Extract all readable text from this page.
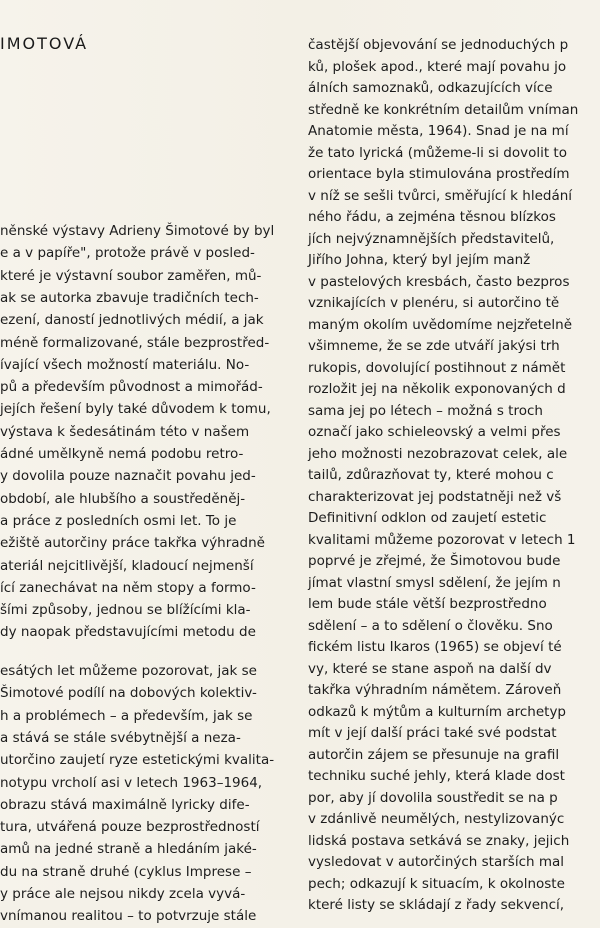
IMOTOVÁ
něnské výstavy Adrieny Šimotové by byl
e a v papíře", protože právě v posled-
které je výstavní soubor zaměřen, mů-
ak se autorka zbavuje tradičních tech-
ezení, daností jednotlivých médií, a jak
méně formalizované, stále bezprostřed-
ívající všech možností materiálu. No-
pů a především původnost a mimořád-
jejích řešení byly také důvodem k tomu,
výstava k šedesátinám této v našem
ádné umělkyně nemá podobu retro-
y dovolila pouze naznačit povahu jed-
období, ale hlubšího a soustředěněj-
a práce z posledních osmi let. To je
ežiště autorčiny práce takřka výhradně
ateriál nejcitlivější, kladoucí nejmenší
ící zanechávat na něm stopy a formo-
šími způsoby, jednou se blížícími kla-
dy naopak představujícími metodu de
esátých let můžeme pozorovat, jak se
Šimotové podílí na dobových kolektiv-
h a problémech – a především, jak se
a stává se stále svébytnější a neza-
utorčino zaujetí ryze estetickými kvalita-
notypu vrcholí asi v letech 1963–1964,
obrazu stává maximálně lyricky dife-
tura, utvářená pouze bezprostředností
amů na jedné straně a hledáním jaké-
du na straně druhé (cyklus Imprese –
y práce ale nejsou nikdy zcela vyvá-
vnímanou realitou – to potvrzuje stále
častější objevování se jednoduchých p
ků, plošek apod., které mají povahu jo
álních samoznaků, odkazujících více
středně ke konkrétním detailům vníman
Anatomie města, 1964). Snad je na mí
že tato lyrická (můžeme-li si dovolit to
orientace byla stimulována prostředím
v níž se sešli tvůrci, směřující k hledání
ného řádu, a zejména těsnou blízkos
jích nejvýznamnějších představitelů,
Jiřího Johna, který byl jejím manž
v pastelových kresbách, často bezpros
vznikajících v plenéru, si autorčino tě
maným okolím uvědomíme nejzřetelně
všimneme, že se zde utváří jakýsi trh
rukopis, dovolující postihnout z námět
rozložit jej na několik exponovaných d
sama jej po létech – možná s troch
označí jako schieleovský a velmi přes
jeho možnosti nezobrazovat celek, ale
tailů, zdůrazňovat ty, které mohou c
charakterizovat jej podstatněji než vš
Definitivní odklon od zaujetí estetic
kvalitami můžeme pozorovat v letech 1
poprvé je zřejmé, že Šimotovou bude
jímat vlastní smysl sdělení, že jejím n
lem bude stále větší bezprostředno
sdělení – a to sdělení o člověku. Sno
fickém listu Ikaros (1965) se objeví té
vy, které se stane aspoň na další dv
takřka výhradním námětem. Zároveň
odkazů k mýtům a kulturním archetyp
mít v její další práci také své podstat
autorčin zájem se přesunuje na grafil
techniku suché jehly, která klade dost
por, aby jí dovolila soustředit se na p
v zdánlivě neumělých, nestylizovanýc
lidská postava setkává se znaky, jejich
vysledovat v autorčiných starších mal
pech; odkazují k situacím, k okolnoste
které listy se skládají z řady sekvencí,
